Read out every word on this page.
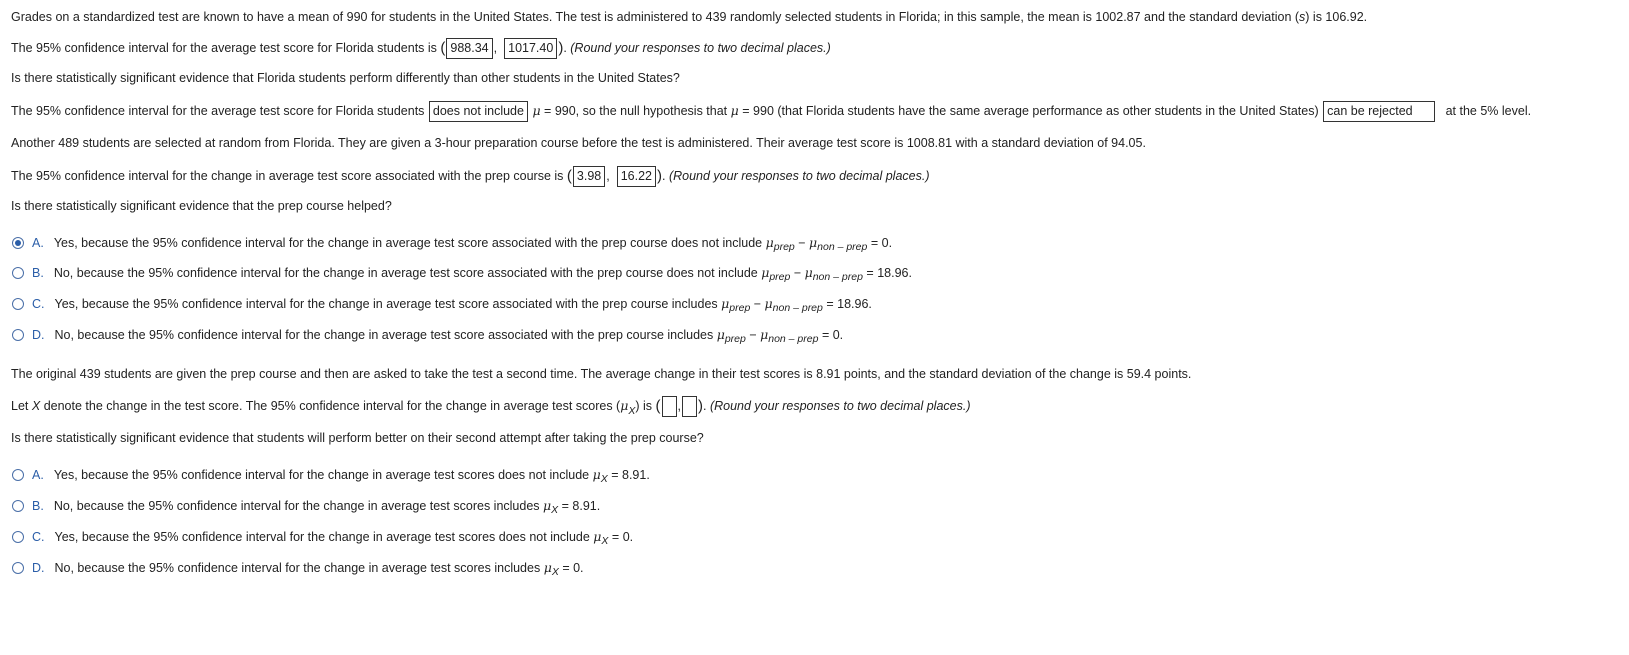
Grades on a standardized test are known to have a mean of 990 for students in the United States. The test is administered to 439 randomly selected students in Florida; in this sample, the mean is 1002.87 and the standard deviation (s) is 106.92.
The 95% confidence interval for the average test score for Florida students is ( 988.34 , 1017.40 ). (Round your responses to two decimal places.)
Is there statistically significant evidence that Florida students perform differently than other students in the United States?
The 95% confidence interval for the average test score for Florida students does not include μ = 990, so the null hypothesis that μ = 990 (that Florida students have the same average performance as other students in the United States) can be rejected	at the 5% level.
Another 489 students are selected at random from Florida. They are given a 3-hour preparation course before the test is administered. Their average test score is 1008.81 with a standard deviation of 94.05.
The 95% confidence interval for the change in average test score associated with the prep course is ( 3.98 , 16.22 ). (Round your responses to two decimal places.)
Is there statistically significant evidence that the prep course helped?
A. Yes, because the 95% confidence interval for the change in average test score associated with the prep course does not include
μ prep − μ non – prep
= 0.
B. No, because the 95% confidence interval for the change in average test score associated with the prep course does not include
μ prep − μ non – prep
= 18.96.
C. Yes, because the 95% confidence interval for the change in average test score associated with the prep course includes
μ prep − μ non – prep
= 18.96.
D. No, because the 95% confidence interval for the change in average test score associated with the prep course includes
μ prep − μ non – prep
= 0.
The original 439 students are given the prep course and then are asked to take the test a second time. The average change in their test scores is 8.91 points, and the standard deviation of the change is 59.4 points.
Let X denote the change in the test score. The 95% confidence interval for the change in average test scores $(\mu_X)$ is ( , ). (Round your responses to two decimal places.)
Is there statistically significant evidence that students will perform better on their second attempt after taking the prep course?
A. Yes, because the 95% confidence interval for the change in average test scores does not include
μ X
= 8.91.
B. No, because the 95% confidence interval for the change in average test scores includes
μ X
= 8.91.
C. Yes, because the 95% confidence interval for the change in average test scores does not include
μ X
= 0.
D. No, because the 95% confidence interval for the change in average test scores includes
μ X
= 0.
